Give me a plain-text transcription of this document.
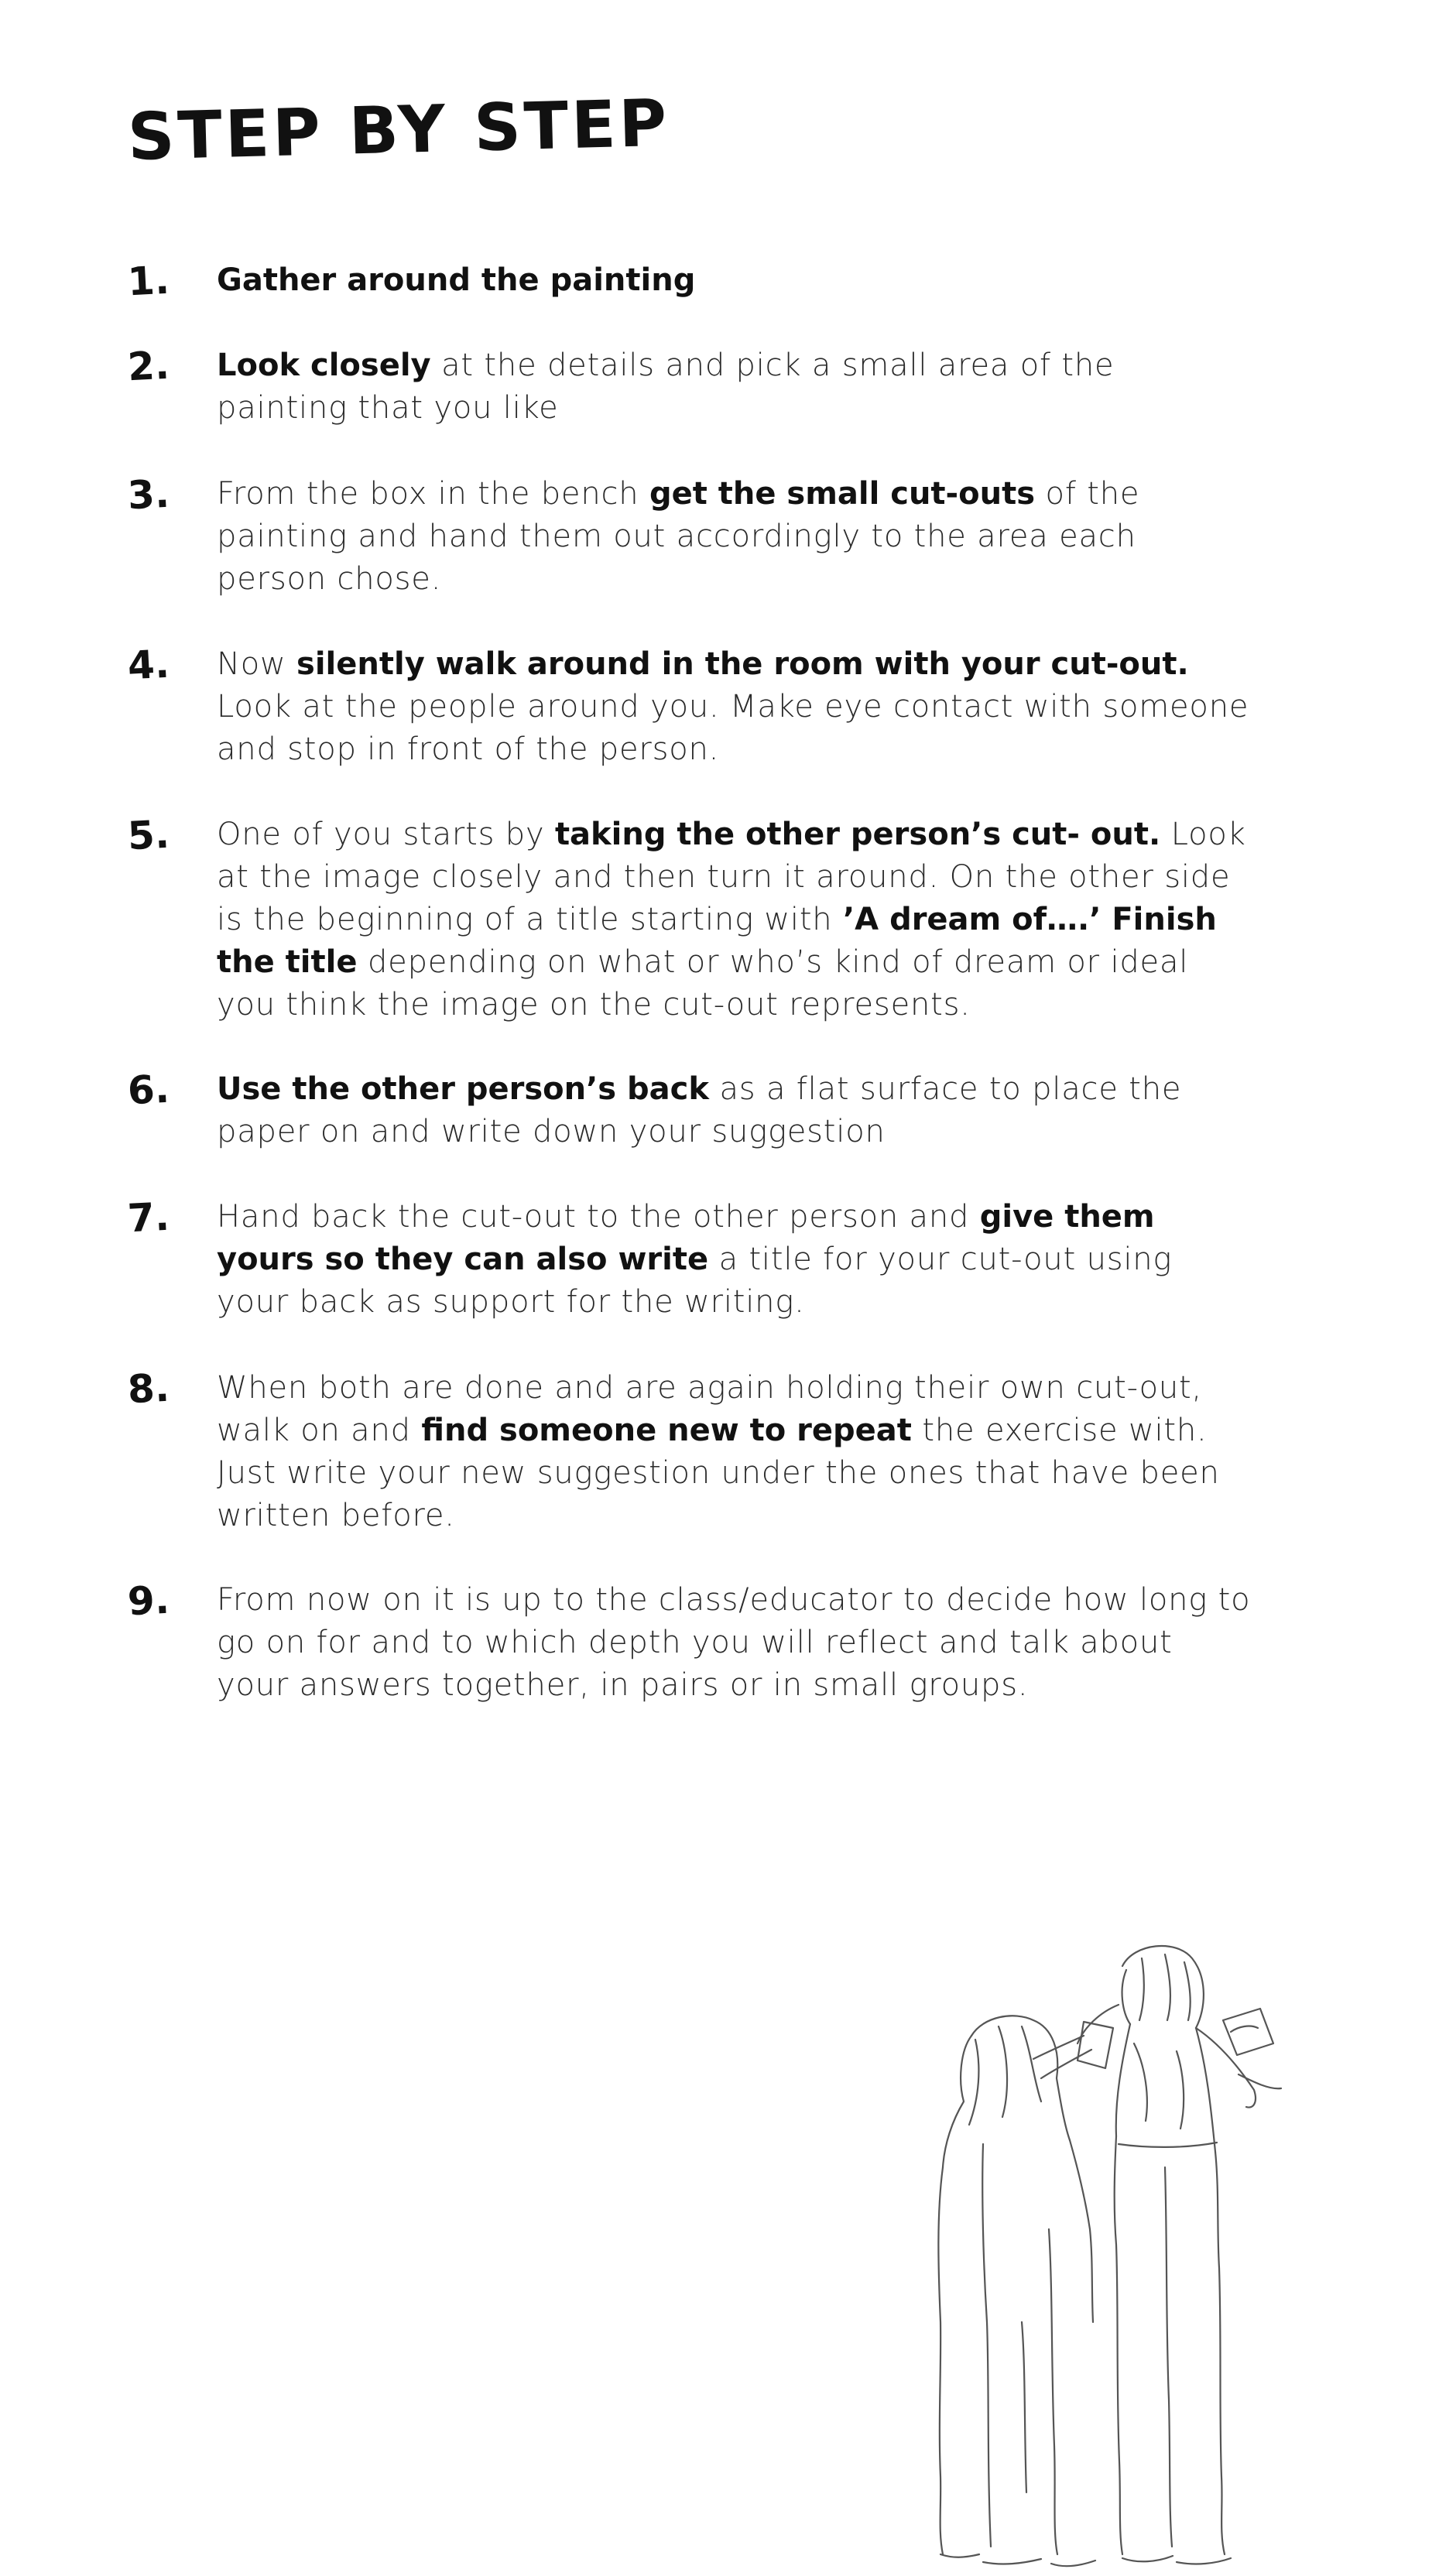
STEP BY STEP
1. Gather around the painting
2. Look closely at the details and pick a small area of the painting that you like
3. From the box in the bench get the small cut-outs of the painting and hand them out accordingly to the area each person chose.
4. Now silently walk around in the room with your cut-out. Look at the people around you. Make eye contact with someone and stop in front of the person.
5. One of you starts by taking the other person’s cut- out. Look at the image closely and then turn it around. On the other side is the beginning of a title starting with ’A dream of….’ Finish the title depending on what or who’s kind of dream or ideal you think the image on the cut-out represents.
6. Use the other person’s back as a flat surface to place the paper on and write down your suggestion
7. Hand back the cut-out to the other person and give them yours so they can also write a title for your cut-out using your back as support for the writing.
8. When both are done and are again holding their own cut-out, walk on and find someone new to repeat the exercise with. Just write your new suggestion under the ones that have been written before.
9. From now on it is up to the class/educator to decide how long to go on for and to which depth you will reflect and talk about your answers together, in pairs or in small groups.
